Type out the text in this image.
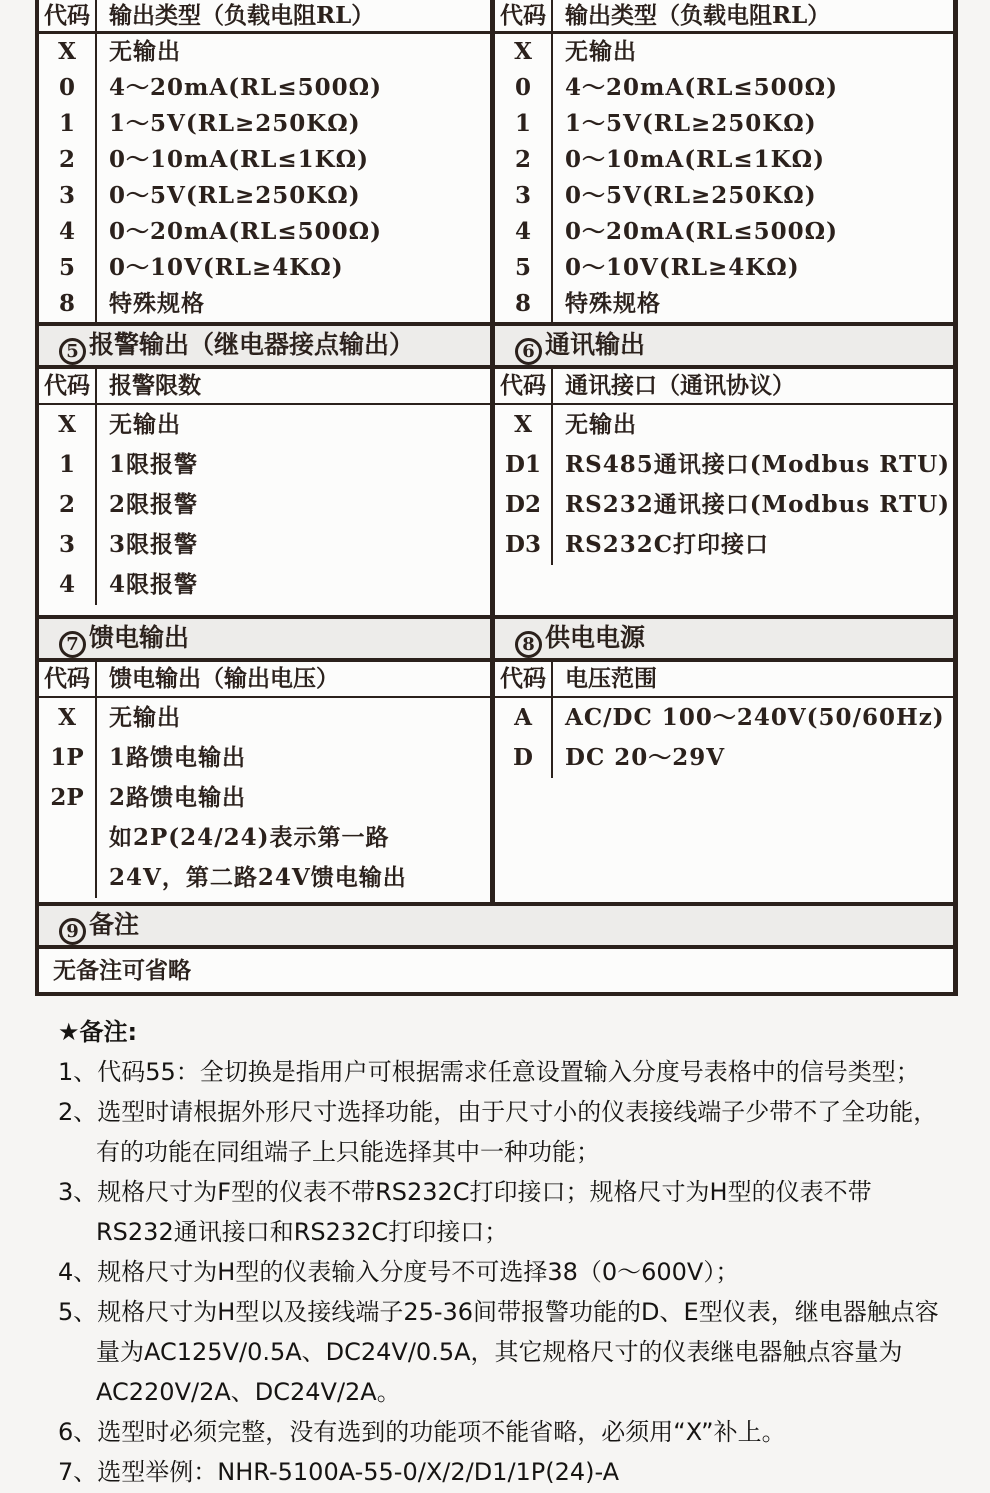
代码 输出类型（负载电阻RL）
X	无输出
0	4～20mA(RL≤500Ω)
1	1～5V(RL≥250KΩ)
2	0～10mA(RL≤1KΩ)
3	0～5V(RL≥250KΩ)
4	0～20mA(RL≤500Ω)
5	0～10V(RL≥4KΩ)
8	特殊规格
代码 输出类型（负载电阻RL）
X	无输出
0	4～20mA(RL≤500Ω)
1	1～5V(RL≥250KΩ)
2	0～10mA(RL≤1KΩ)
3	0～5V(RL≥250KΩ)
4	0～20mA(RL≤500Ω)
5	0～10V(RL≥4KΩ)
8	特殊规格
5 报警输出（继电器接点输出）
代码 报警限数
X	无输出
1	1限报警
2	2限报警
3	3限报警
4	4限报警
6 通讯输出
代码 通讯接口（通讯协议）
X	无输出
D1	RS485通讯接口(Modbus RTU)
D2	RS232通讯接口(Modbus RTU)
D3	RS232C打印接口
7 馈电输出
代码 馈电输出（输出电压）
X	无输出
1P	1路馈电输出
2P	2路馈电输出
如2P(24/24)表示第一路
24V，第二路24V馈电输出
8 供电电源
代码 电压范围
A	AC/DC 100～240V(50/60Hz)
D	DC 20～29V
9 备注
无备注可省略
★备注:
1、代码55：全切换是指用户可根据需求任意设置输入分度号表格中的信号类型；
2、选型时请根据外形尺寸选择功能，由于尺寸小的仪表接线端子少带不了全功能，有的功能在同组端子上只能选择其中一种功能；
3、规格尺寸为F型的仪表不带RS232C打印接口；规格尺寸为H型的仪表不带RS232通讯接口和RS232C打印接口；
4、规格尺寸为H型的仪表输入分度号不可选择38（0～600V）；
5、规格尺寸为H型以及接线端子25-36间带报警功能的D、E型仪表，继电器触点容量为AC125V/0.5A、DC24V/0.5A，其它规格尺寸的仪表继电器触点容量为AC220V/2A、DC24V/2A。
6、选型时必须完整，没有选到的功能项不能省略，必须用“X”补上。
7、选型举例：NHR-5100A-55-0/X/2/D1/1P(24)-A
